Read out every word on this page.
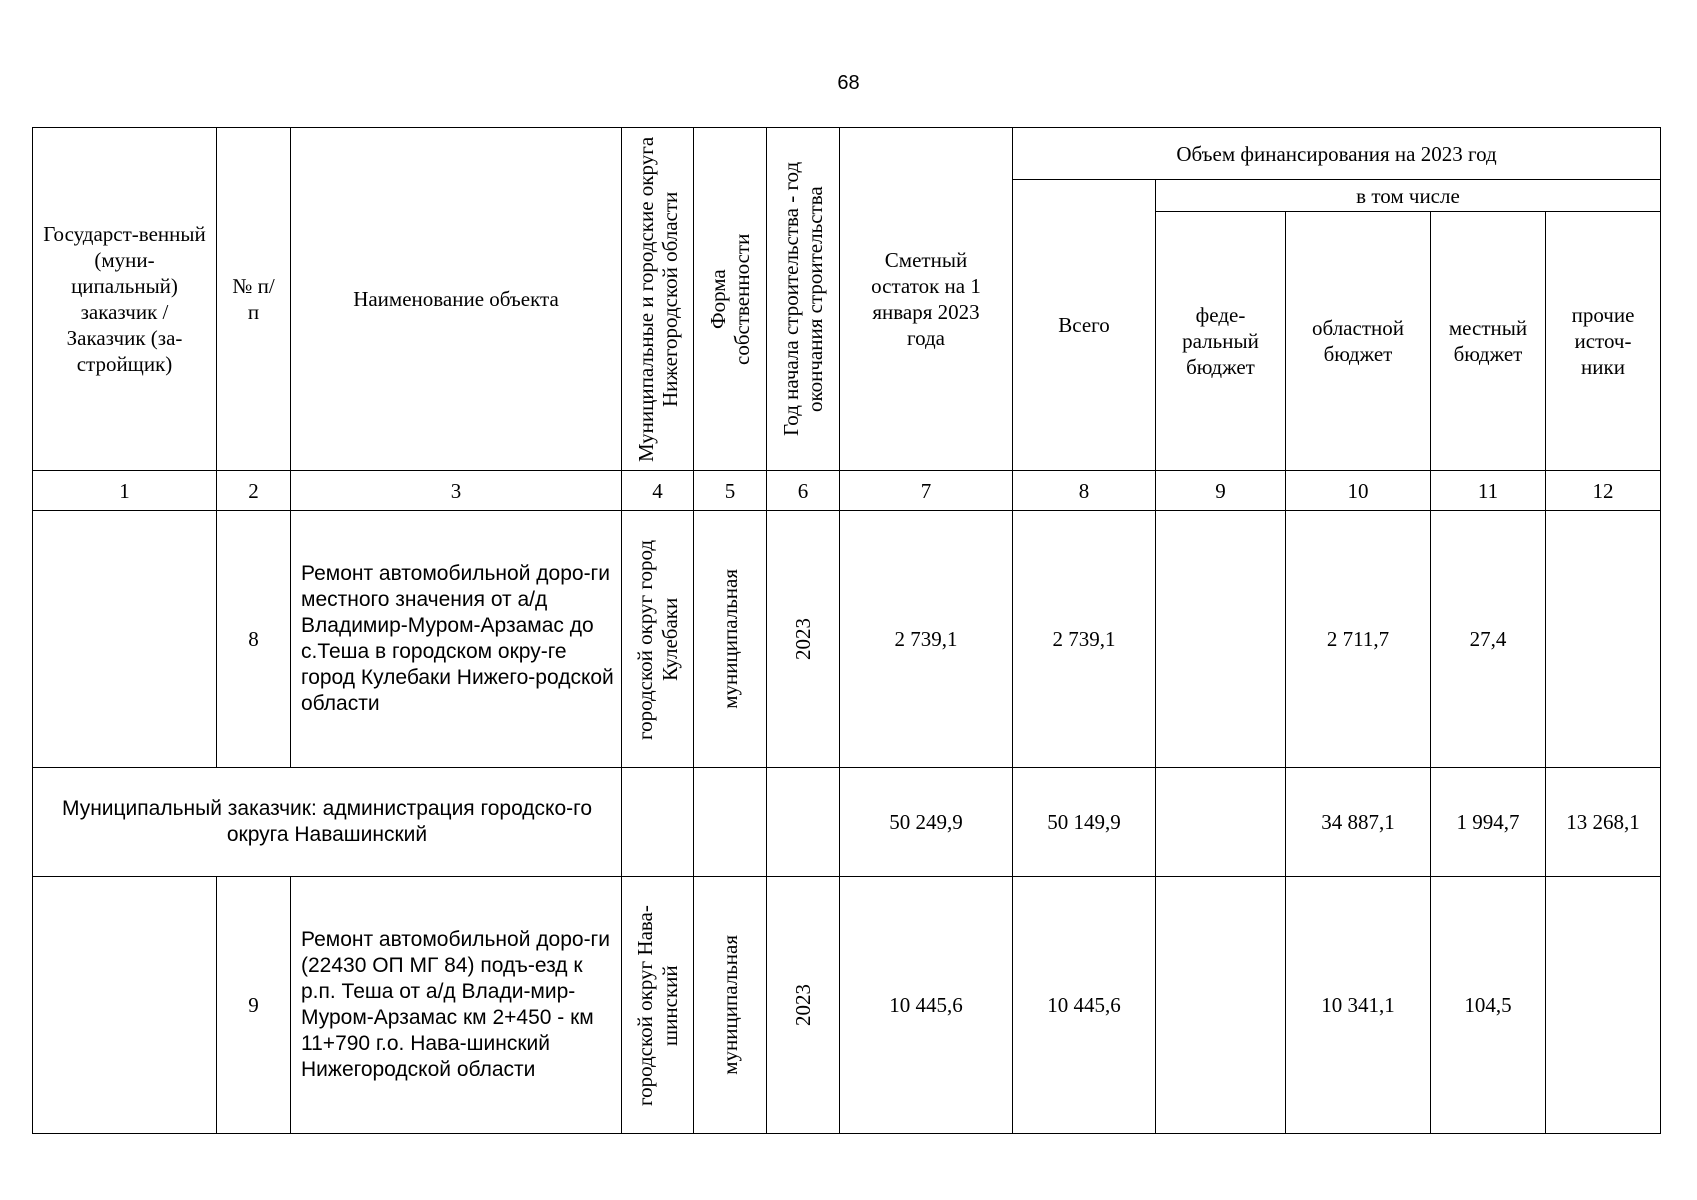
68
Государст-венный (муни-ципальный) заказчик / Заказчик (за-стройщик)	№ п/п	Наименование объекта	Муниципальные и городские округа Нижегородской области	Форма собственности	Год начала строительства - год окончания строительства	Сметный остаток на 1 января 2023 года	Объем финансирования на 2023 год				
							Всего	в том числе			

								феде-ральный бюджет	областной бюджет	местный бюджет	прочие источ-ники

1	2	3	4	5	6	7	8	9	10	11	12
	8	Ремонт автомобильной доро-ги местного значения от а/д Владимир-Муром-Арзамас до с.Теша в городском окру-ге город Кулебаки Нижего-родской области	городской округ город Кулебаки	муниципальная	2023	2 739,1	2 739,1		2 711,7	27,4	
Муниципальный заказчик: администрация городско-го округа Навашинский						50 249,9	50 149,9		34 887,1	1 994,7	13 268,1
	9	Ремонт автомобильной доро-ги (22430 ОП МГ 84) подъ-езд к р.п. Теша от а/д Влади-мир-Муром-Арзамас км 2+450 - км 11+790 г.о. Нава-шинский Нижегородской области	городской округ Нава-шинский	муниципальная	2023	10 445,6	10 445,6		10 341,1	104,5	
